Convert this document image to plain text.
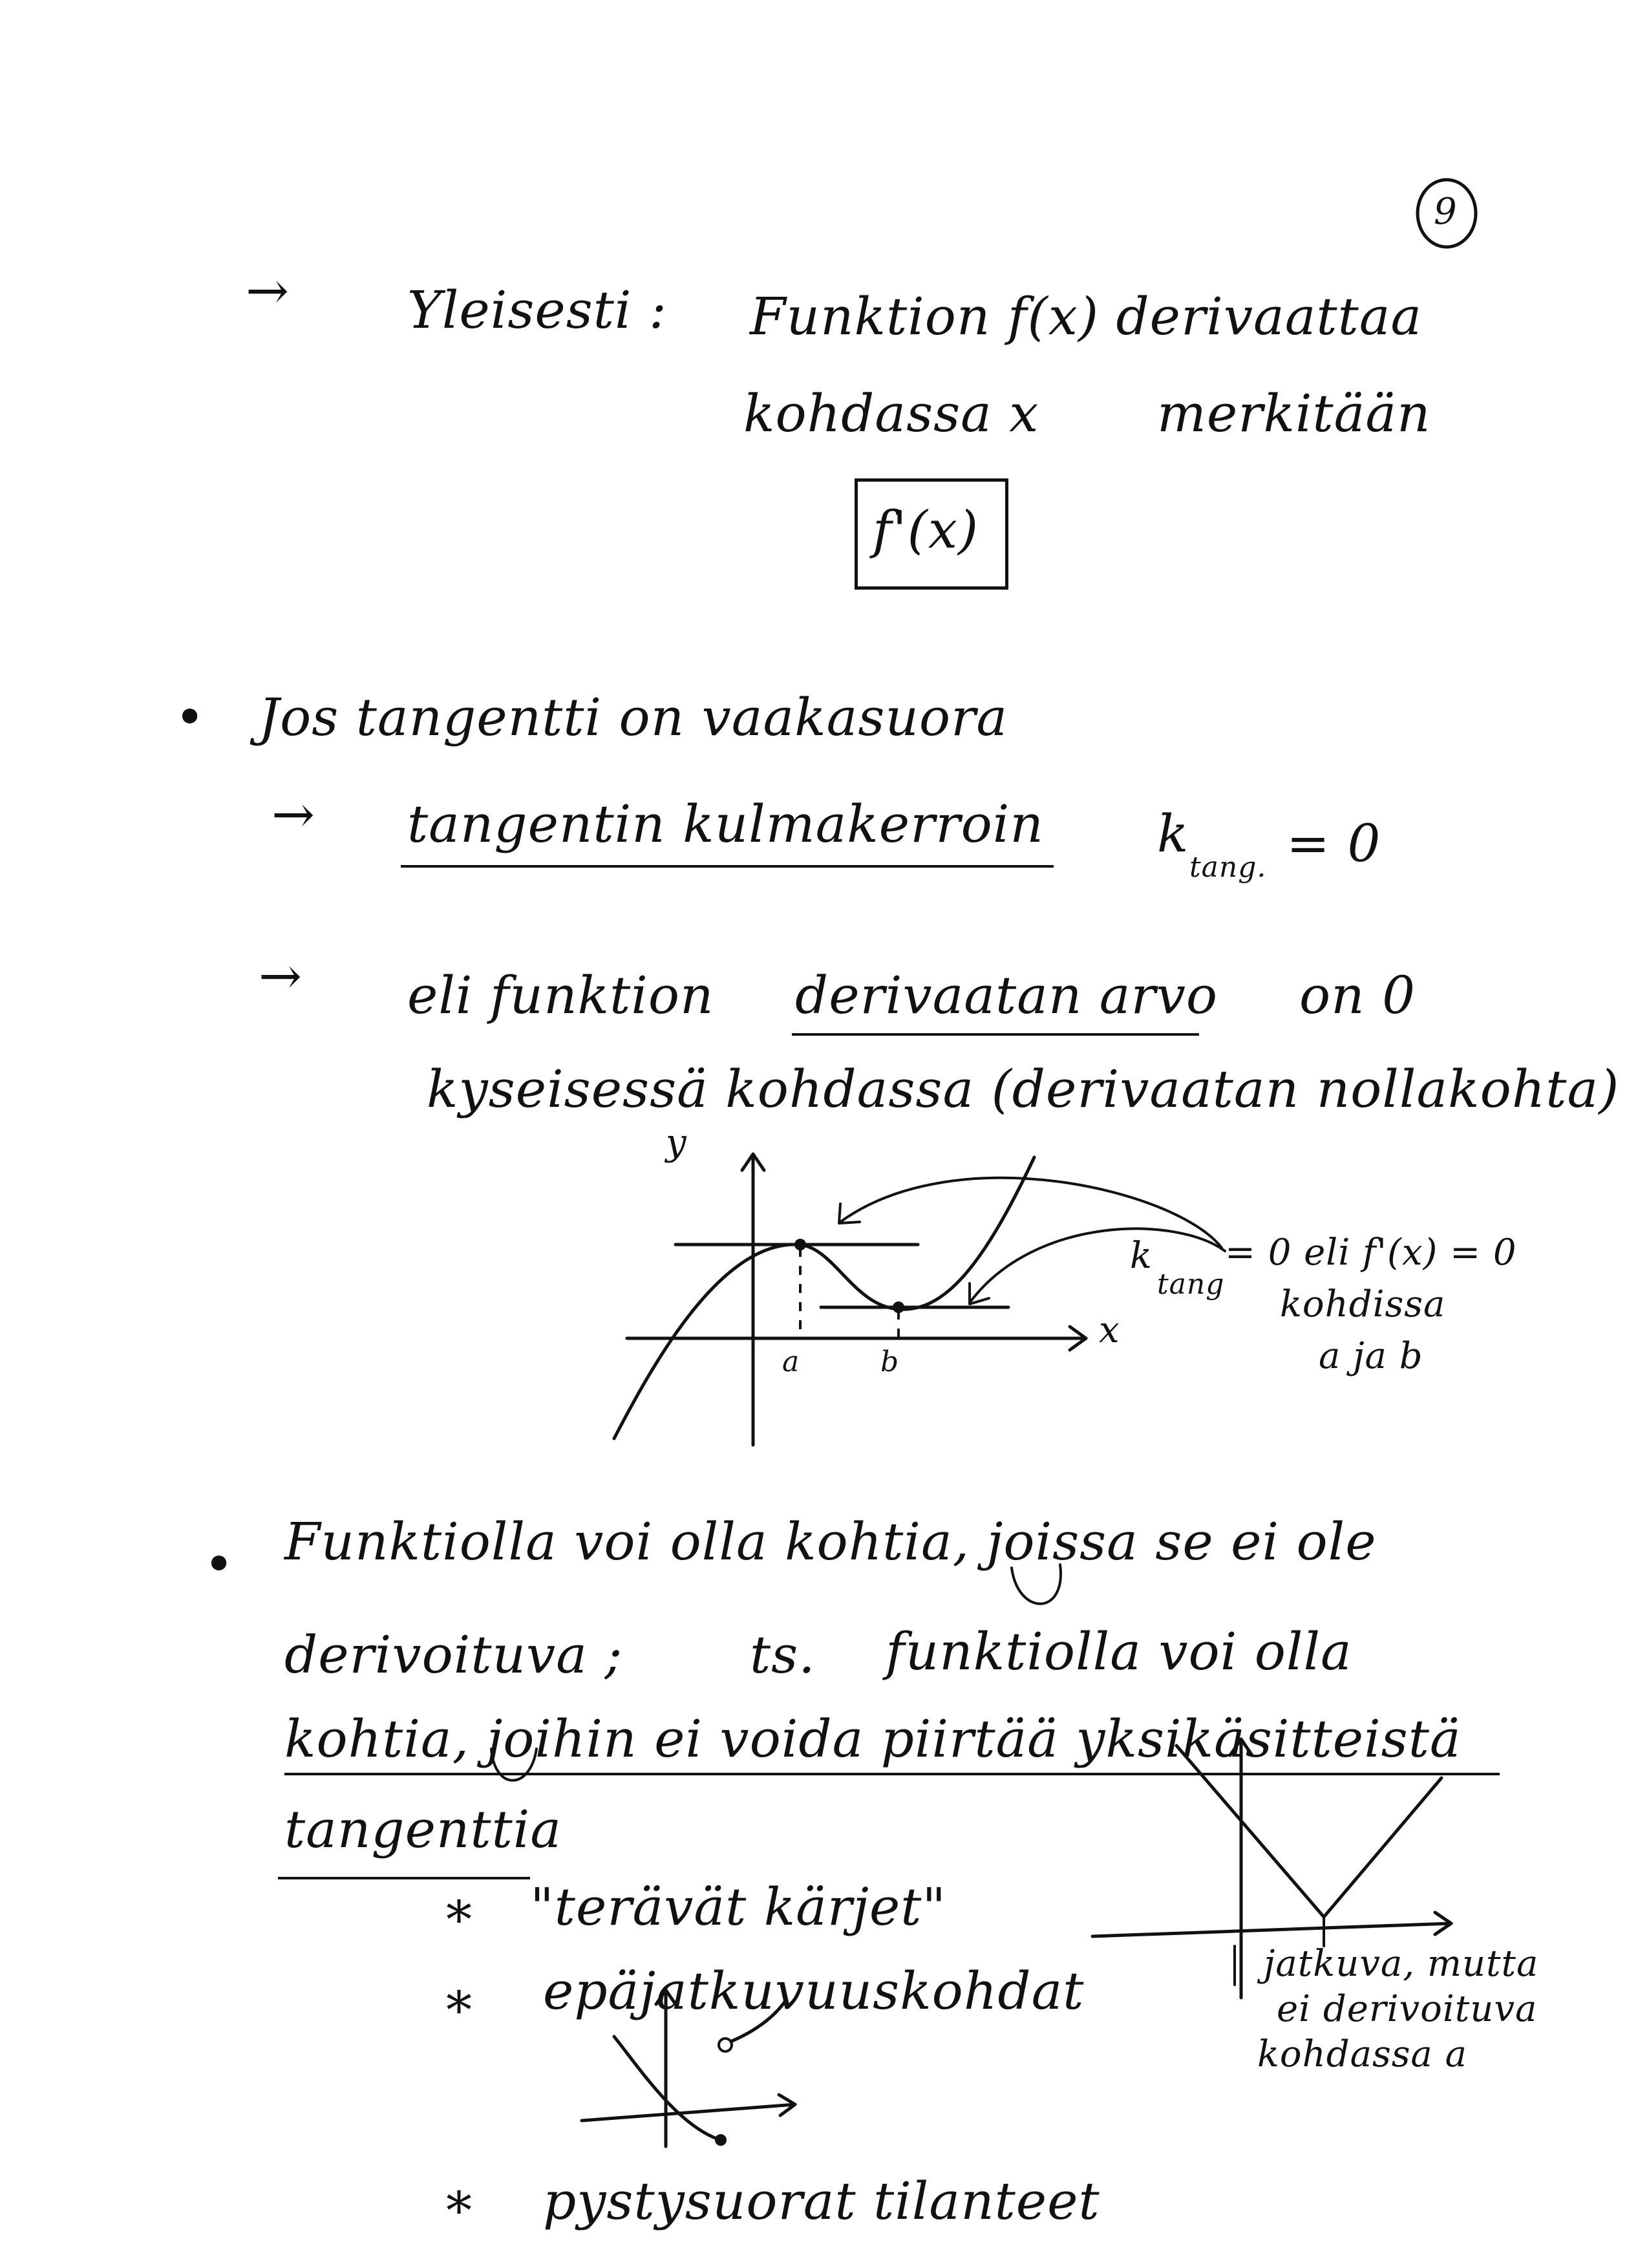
9
→ Yleisesti : Funktion f(x) derivaattaa
kohdassa x merkitään
f'(x)
• Jos tangentti on vaakasuora
→ tangentin kulmakerroin k
tang. = 0
→ eli funktion derivaatan arvo on 0
kyseisessä kohdassa (derivaatan nollakohta)
y
x
a	b
k
tang
= 0 eli f'(x) = 0
kohdissa
a ja b
• Funktiolla voi olla kohtia, joissa se ei ole
derivoituva ; ts. funktiolla voi olla
kohtia, joihin ei voida piirtää yksikäsitteistä
tangenttia
* "terävät kärjet"
* epäjatkuvuuskohdat
* pystysuorat tilanteet
jatkuva, mutta
ei derivoituva
kohdassa a
